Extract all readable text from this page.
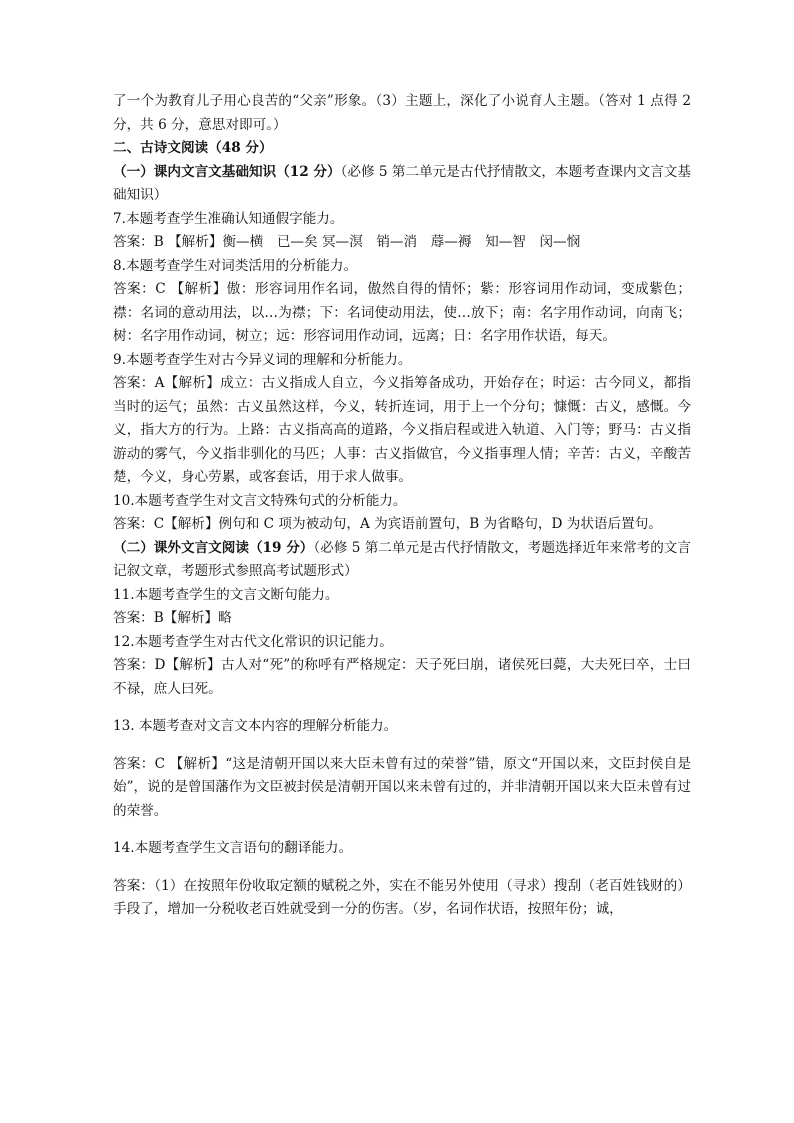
了一个为教育儿子用心良苦的“父亲”形象。（3）主题上，深化了小说育人主题。（答对 1 点得 2 分，共 6 分，意思对即可。）

二、古诗文阅读（48 分）

（一）课内文言文基础知识（12 分）（必修 5 第二单元是古代抒情散文，本题考查课内文言文基础知识）

7.本题考查学生准确认知通假字能力。

答案：B 【解析】衡—横　已—矣 冥—溟　销—消　蓐—褥　知—智　闵—悯

8.本题考查学生对词类活用的分析能力。

答案：C 【解析】傲：形容词用作名词，傲然自得的情怀；紫：形容词用作动词，变成紫色；襟：名词的意动用法，以…为襟；下：名词使动用法，使…放下；南：名字用作动词，向南飞；树：名字用作动词，树立；远：形容词用作动词，远离；日：名字用作状语，每天。

9.本题考查学生对古今异义词的理解和分析能力。

答案：A【解析】成立：古义指成人自立，今义指筹备成功，开始存在；时运：古今同义，都指当时的运气；虽然：古义虽然这样，今义，转折连词，用于上一个分句；慷慨：古义，感慨。今义，指大方的行为。上路：古义指高高的道路，今义指启程或进入轨道、入门等；野马：古义指游动的雾气，今义指非驯化的马匹；人事：古义指做官，今义指事理人情；辛苦：古义，辛酸苦楚，今义，身心劳累，或客套话，用于求人做事。

10.本题考查学生对文言文特殊句式的分析能力。

答案：C【解析】例句和 C 项为被动句，A 为宾语前置句，B 为省略句，D 为状语后置句。

（二）课外文言文阅读（19 分）（必修 5 第二单元是古代抒情散文，考题选择近年来常考的文言记叙文章，考题形式参照高考试题形式）

11.本题考查学生的文言文断句能力。

答案：B【解析】略

12.本题考查学生对古代文化常识的识记能力。

答案：D【解析】古人对“死”的称呼有严格规定：天子死曰崩，诸侯死曰薨，大夫死曰卒，士曰不禄，庶人曰死。

13. 本题考查对文言文本内容的理解分析能力。

答案：C 【解析】“这是清朝开国以来大臣未曾有过的荣誉”错，原文“开国以来，文臣封侯自是始”，说的是曾国藩作为文臣被封侯是清朝开国以来未曾有过的，并非清朝开国以来大臣未曾有过的荣誉。

14.本题考查学生文言语句的翻译能力。

答案：（1）在按照年份收取定额的赋税之外，实在不能另外使用（寻求）搜刮（老百姓钱财的）手段了，增加一分税收老百姓就受到一分的伤害。（岁，名词作状语，按照年份；诚，
